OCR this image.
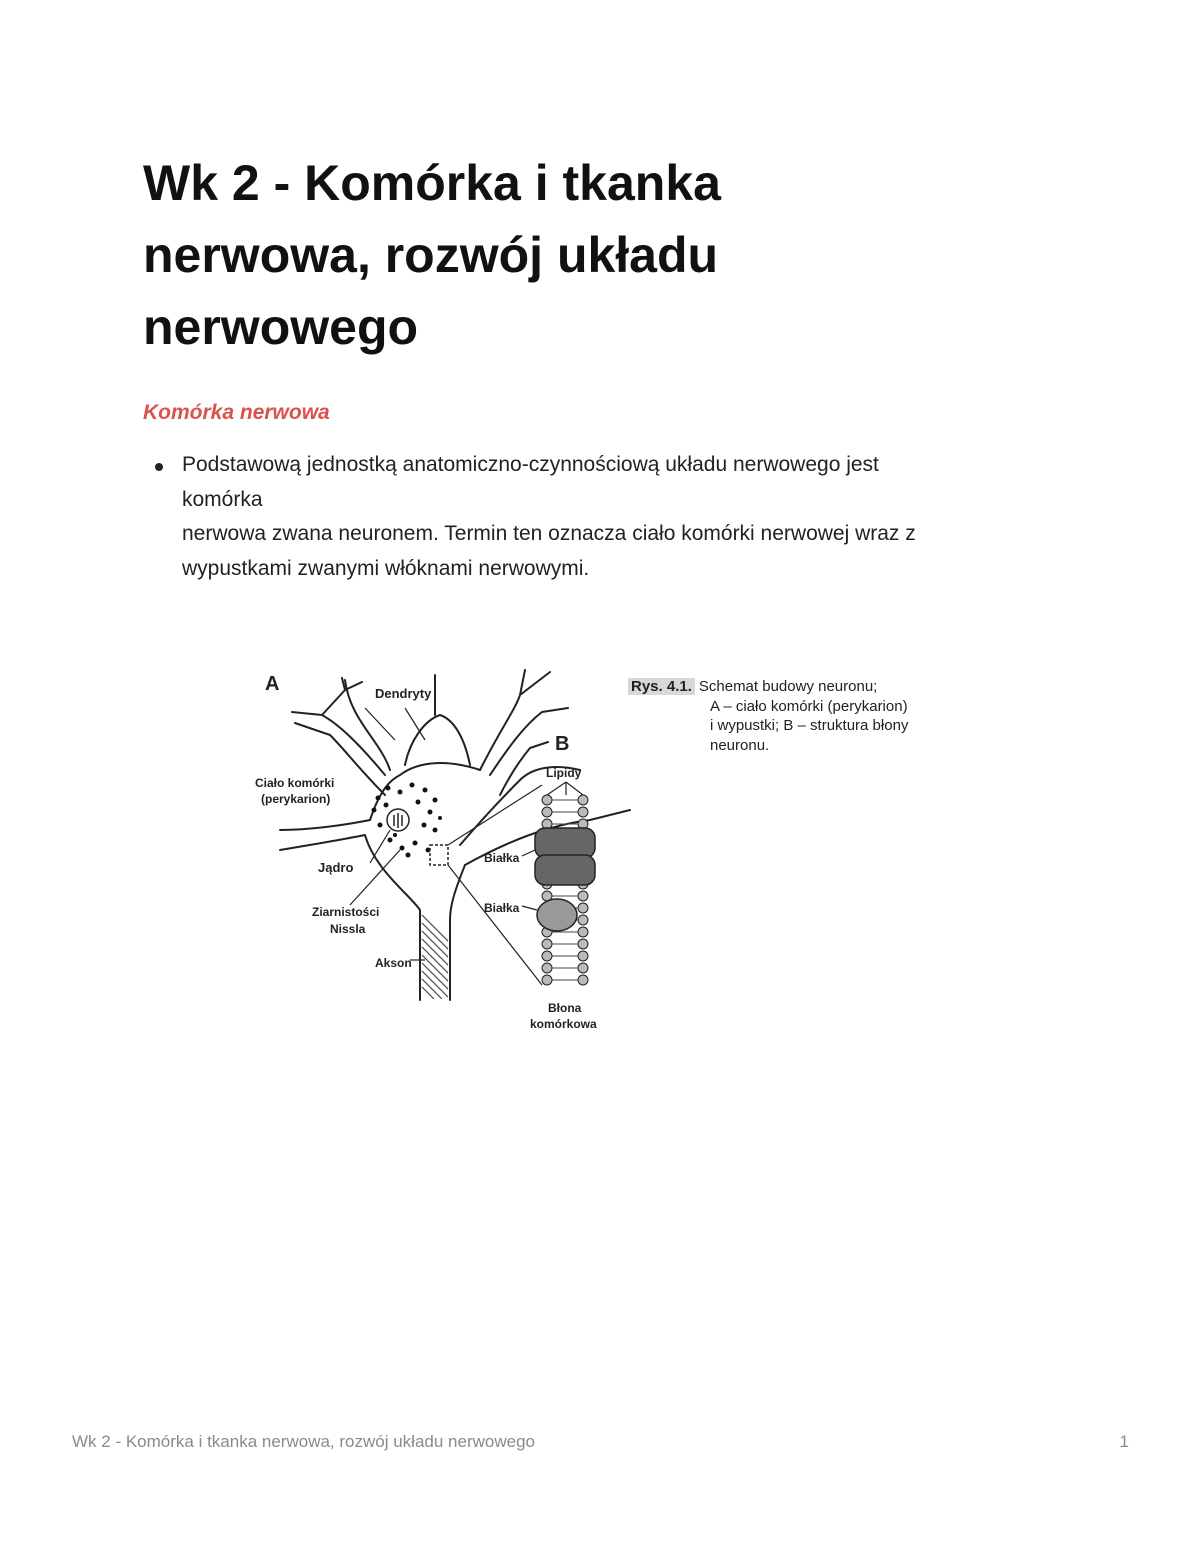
Wk 2 - Komórka i tkanka nerwowa, rozwój układu nerwowego
Komórka nerwowa
Podstawową jednostką anatomiczno-czynnościową układu nerwowego jest
komórka
nerwowa zwana neuronem. Termin ten oznacza ciało komórki nerwowej wraz z
wypustkami zwanymi włóknami nerwowymi.
A
B
Dendryty
Ciało komórki
(perykarion)
Jądro
Ziarnistości
Nissla
Akson
Lipidy
Białka
Białka
Błona
komórkowa
Rys. 4.1. Schemat budowy neuronu;
A – ciało komórki (perykarion)
i wypustki; B – struktura błony
neuronu.
Wk 2 - Komórka i tkanka nerwowa, rozwój układu nerwowego	1
